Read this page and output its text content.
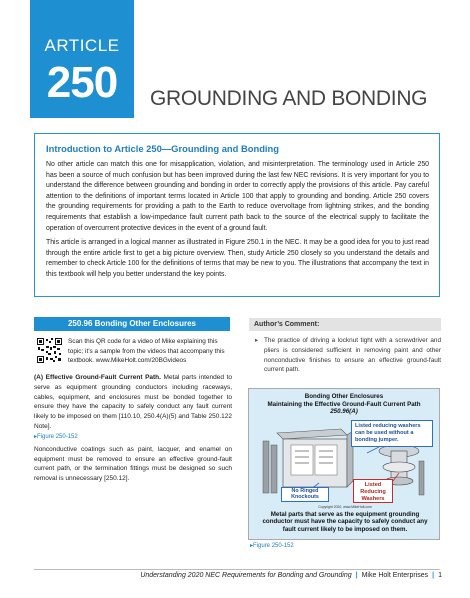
ARTICLE
250	GROUNDING AND BONDING
Introduction to Article 250—Grounding and Bonding

No other article can match this one for misapplication, violation, and misinterpretation. The terminology used in Article 250 has been a source of much confusion but has been improved during the last few NEC revisions. It is very important for you to understand the difference between grounding and bonding in order to correctly apply the provisions of this article. Pay careful attention to the definitions of important terms located in Article 100 that apply to grounding and bonding. Article 250 covers the grounding requirements for providing a path to the Earth to reduce overvoltage from lightning strikes, and the bonding requirements that establish a low-impedance fault current path back to the source of the electrical supply to facilitate the operation of overcurrent protective devices in the event of a ground fault.

This article is arranged in a logical manner as illustrated in Figure 250.1 in the NEC. It may be a good idea for you to just read through the entire article first to get a big picture overview. Then, study Article 250 closely so you understand the details and remember to check Article 100 for the definitions of terms that may be new to you. The illustrations that accompany the text in this textbook will help you better understand the key points.

250.96 Bonding Other Enclosures
Scan this QR code for a video of Mike explaining this topic; it’s a sample from the videos that accompany this textbook. www.MikeHolt.com/20BGvideos

(A) Effective Ground-Fault Current Path. Metal parts intended to serve as equipment grounding conductors including raceways, cables, equipment, and enclosures must be bonded together to ensure they have the capacity to safely conduct any fault current likely to be imposed on them [110.10, 250.4(A)(5) and Table 250.122 Note].

▸Figure 250-152

Nonconductive coatings such as paint, lacquer, and enamel on equipment must be removed to ensure an effective ground-fault current path, or the termination fittings must be designed so such removal is unnecessary [250.12].

Author’s Comment:
▸ The practice of driving a locknut tight with a screwdriver and pliers is considered sufficient in removing paint and other nonconductive finishes to ensure an effective ground-fault current path.
Bonding Other Enclosures
Maintaining the Effective Ground-Fault Current Path
250.96(A)
Listed reducing washers can be used without a bonding jumper.
Listed
Reducing
Washers
No Ringed
Knockouts
Copyright 2020, www.MikeHolt.com
Metal parts that serve as the equipment grounding conductor must have the capacity to safely conduct any fault current likely to be imposed on them.
▸Figure 250-152
Understanding 2020 NEC Requirements for Bonding and Grounding | Mike Holt Enterprises | 1
